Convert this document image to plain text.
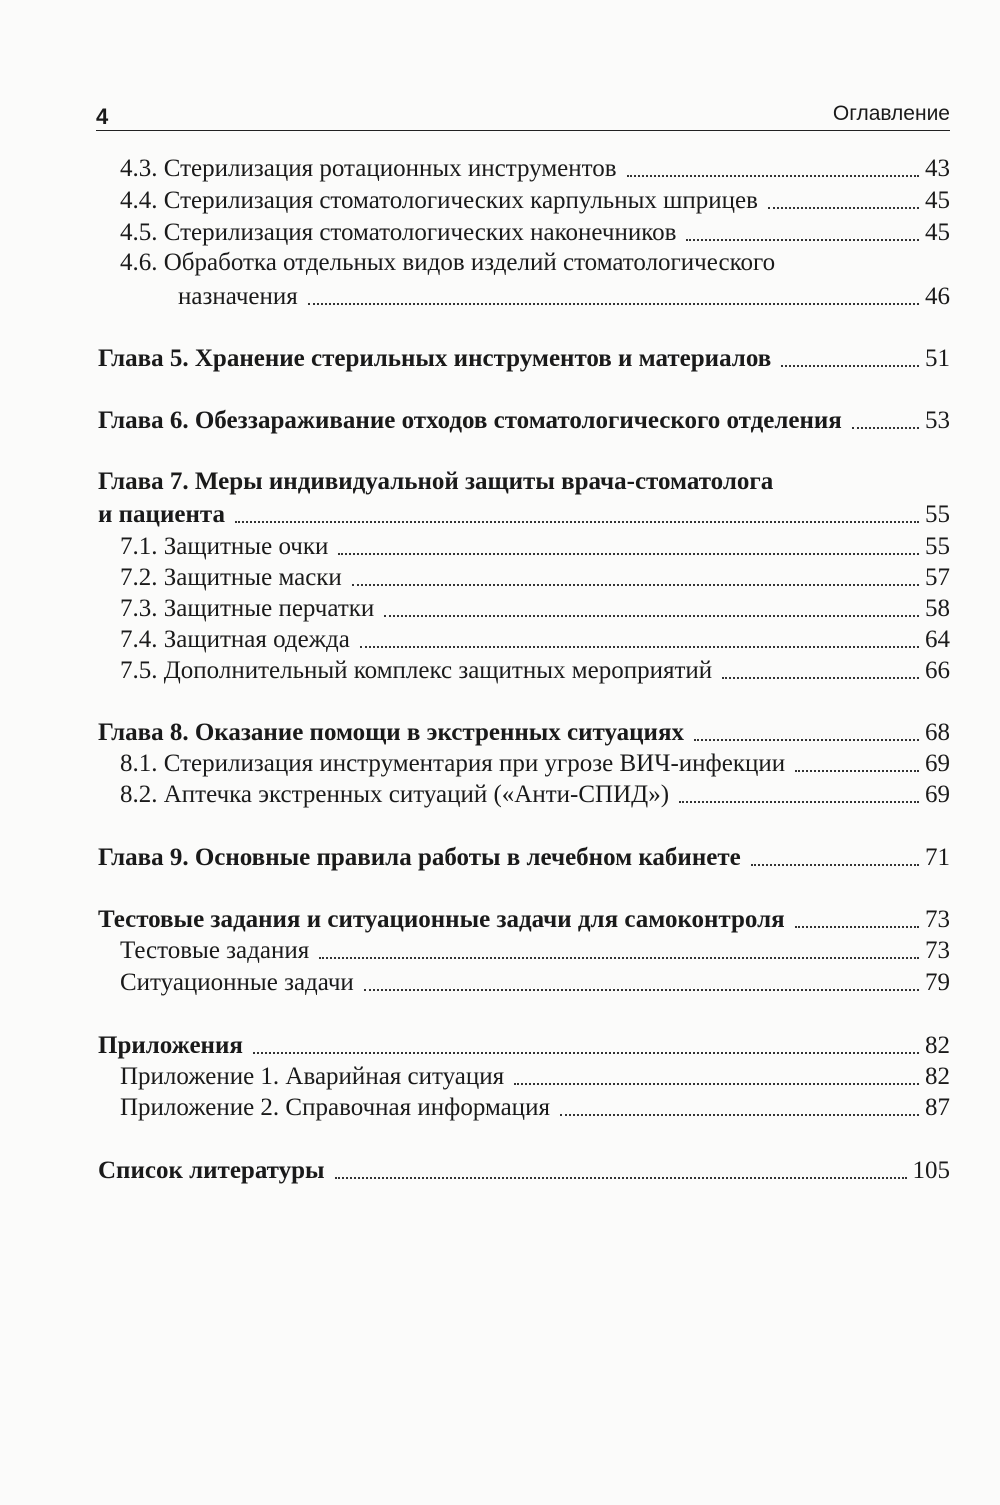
4	Оглавление
4.3. Стерилизация ротационных инструментов	43
4.4. Стерилизация стоматологических карпульных шприцев	45
4.5. Стерилизация стоматологических наконечников	45
4.6. Обработка отдельных видов изделий стоматологического
назначения	46
Глава 5. Хранение стерильных инструментов и материалов	51
Глава 6. Обеззараживание отходов стоматологического отделения	53
Глава 7. Меры индивидуальной защиты врача-стоматолога
и пациента	55
7.1. Защитные очки	55
7.2. Защитные маски	57
7.3. Защитные перчатки	58
7.4. Защитная одежда	64
7.5. Дополнительный комплекс защитных мероприятий	66
Глава 8. Оказание помощи в экстренных ситуациях	68
8.1. Стерилизация инструментария при угрозе ВИЧ-инфекции	69
8.2. Аптечка экстренных ситуаций («Анти-СПИД»)	69
Глава 9. Основные правила работы в лечебном кабинете	71
Тестовые задания и ситуационные задачи для самоконтроля	73
Тестовые задания	73
Ситуационные задачи	79
Приложения	82
Приложение 1. Аварийная ситуация	82
Приложение 2. Справочная информация	87
Список литературы	105
